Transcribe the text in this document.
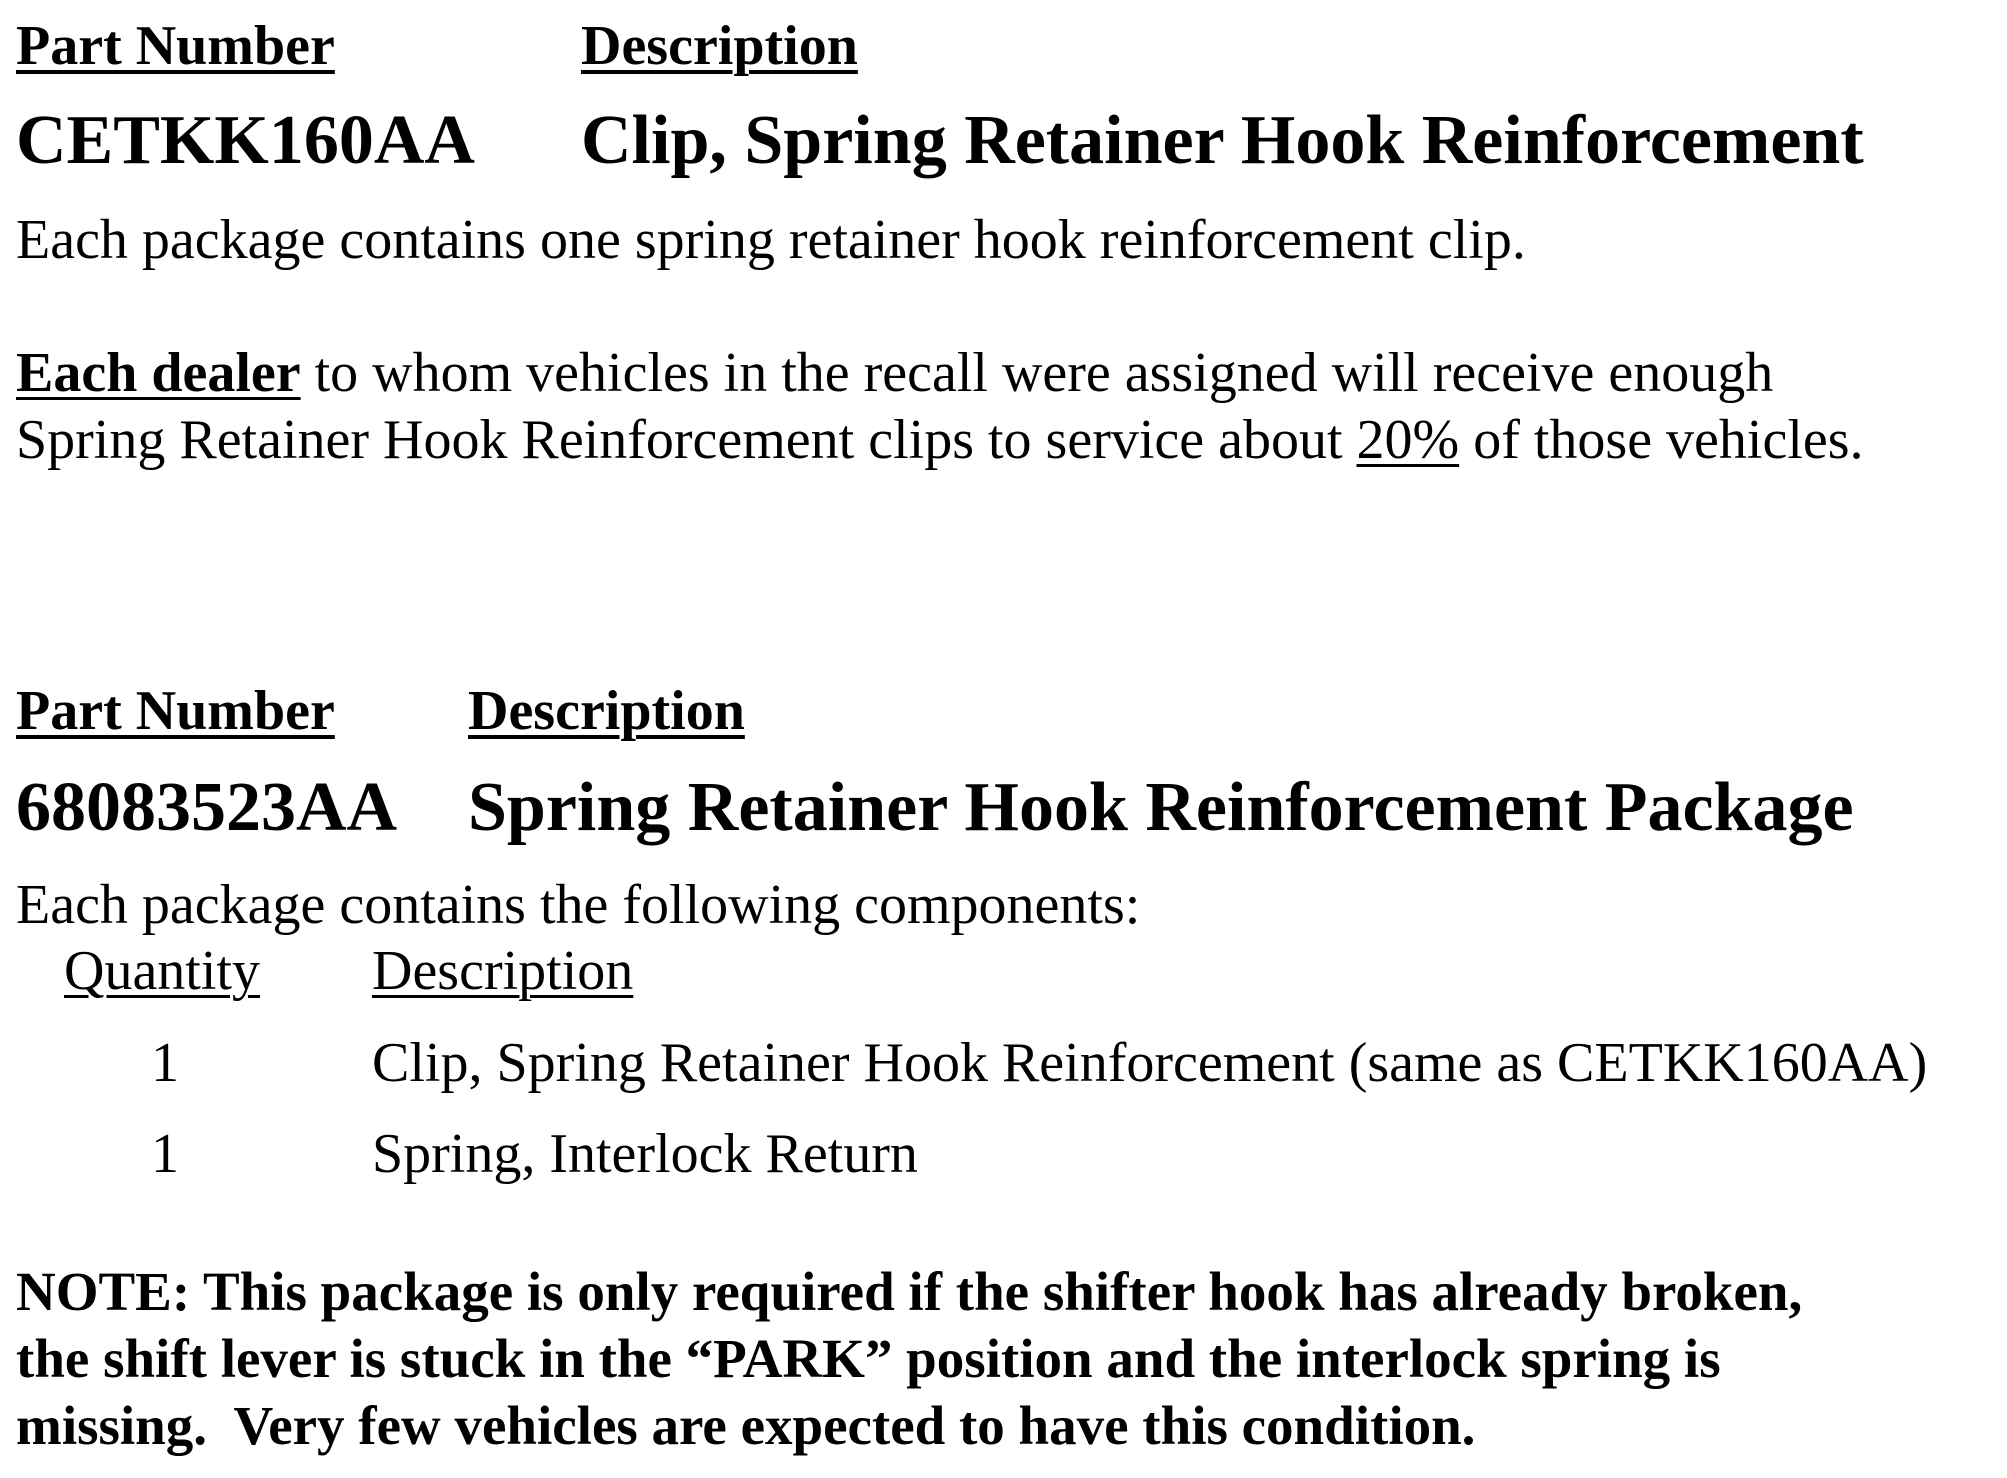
Part Number	Description
CETKK160AA Clip, Spring Retainer Hook Reinforcement
Each package contains one spring retainer hook reinforcement clip.
Each dealer to whom vehicles in the recall were assigned will receive enough
Spring Retainer Hook Reinforcement clips to service about 20% of those vehicles.
Part Number Description
68083523AA Spring Retainer Hook Reinforcement Package
Each package contains the following components:
Quantity Description
1	Clip, Spring Retainer Hook Reinforcement (same as CETKK160AA)
1	Spring, Interlock Return
NOTE: This package is only required if the shifter hook has already broken,
the shift lever is stuck in the “PARK” position and the interlock spring is
missing.  Very few vehicles are expected to have this condition.
